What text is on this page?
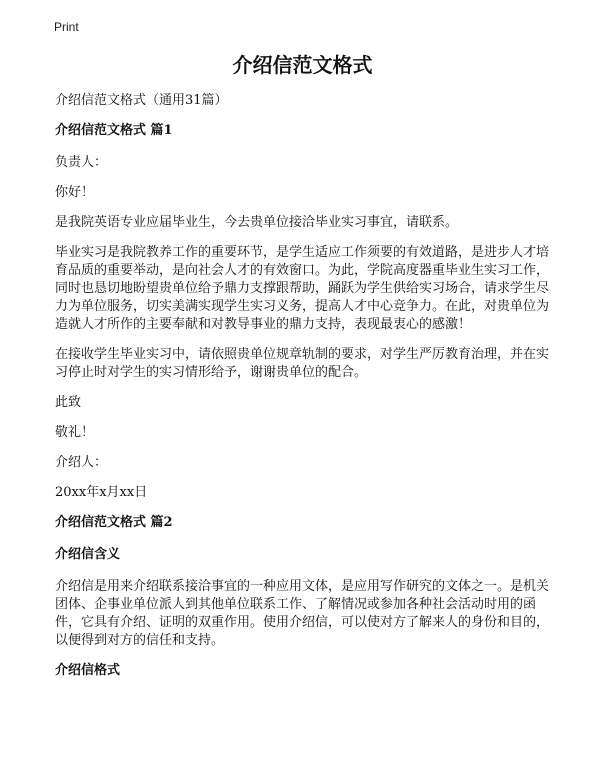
Print
介绍信范文格式
介绍信范文格式（通用31篇）
介绍信范文格式 篇1
负责人：
你好！
是我院英语专业应届毕业生，今去贵单位接洽毕业实习事宜，请联系。
毕业实习是我院教养工作的重要环节，是学生适应工作须要的有效道路，是进步人才培育品质的重要举动，是向社会人才的有效窗口。为此，学院高度器重毕业生实习工作，同时也恳切地盼望贵单位给予鼎力支撑跟帮助，踊跃为学生供给实习场合，请求学生尽力为单位服务，切实美满实现学生实习义务，提高人才中心竞争力。在此，对贵单位为造就人才所作的主要奉献和对教导事业的鼎力支持，表现最衷心的感激！
在接收学生毕业实习中，请依照贵单位规章轨制的要求，对学生严厉教育治理，并在实习停止时对学生的实习情形给予，谢谢贵单位的配合。
此致
敬礼！
介绍人：
20xx年x月xx日
介绍信范文格式 篇2
介绍信含义
介绍信是用来介绍联系接洽事宜的一种应用文体，是应用写作研究的文体之一。是机关团体、企事业单位派人到其他单位联系工作、了解情况或参加各种社会活动时用的函件，它具有介绍、证明的双重作用。使用介绍信，可以使对方了解来人的身份和目的，以便得到对方的信任和支持。
介绍信格式
